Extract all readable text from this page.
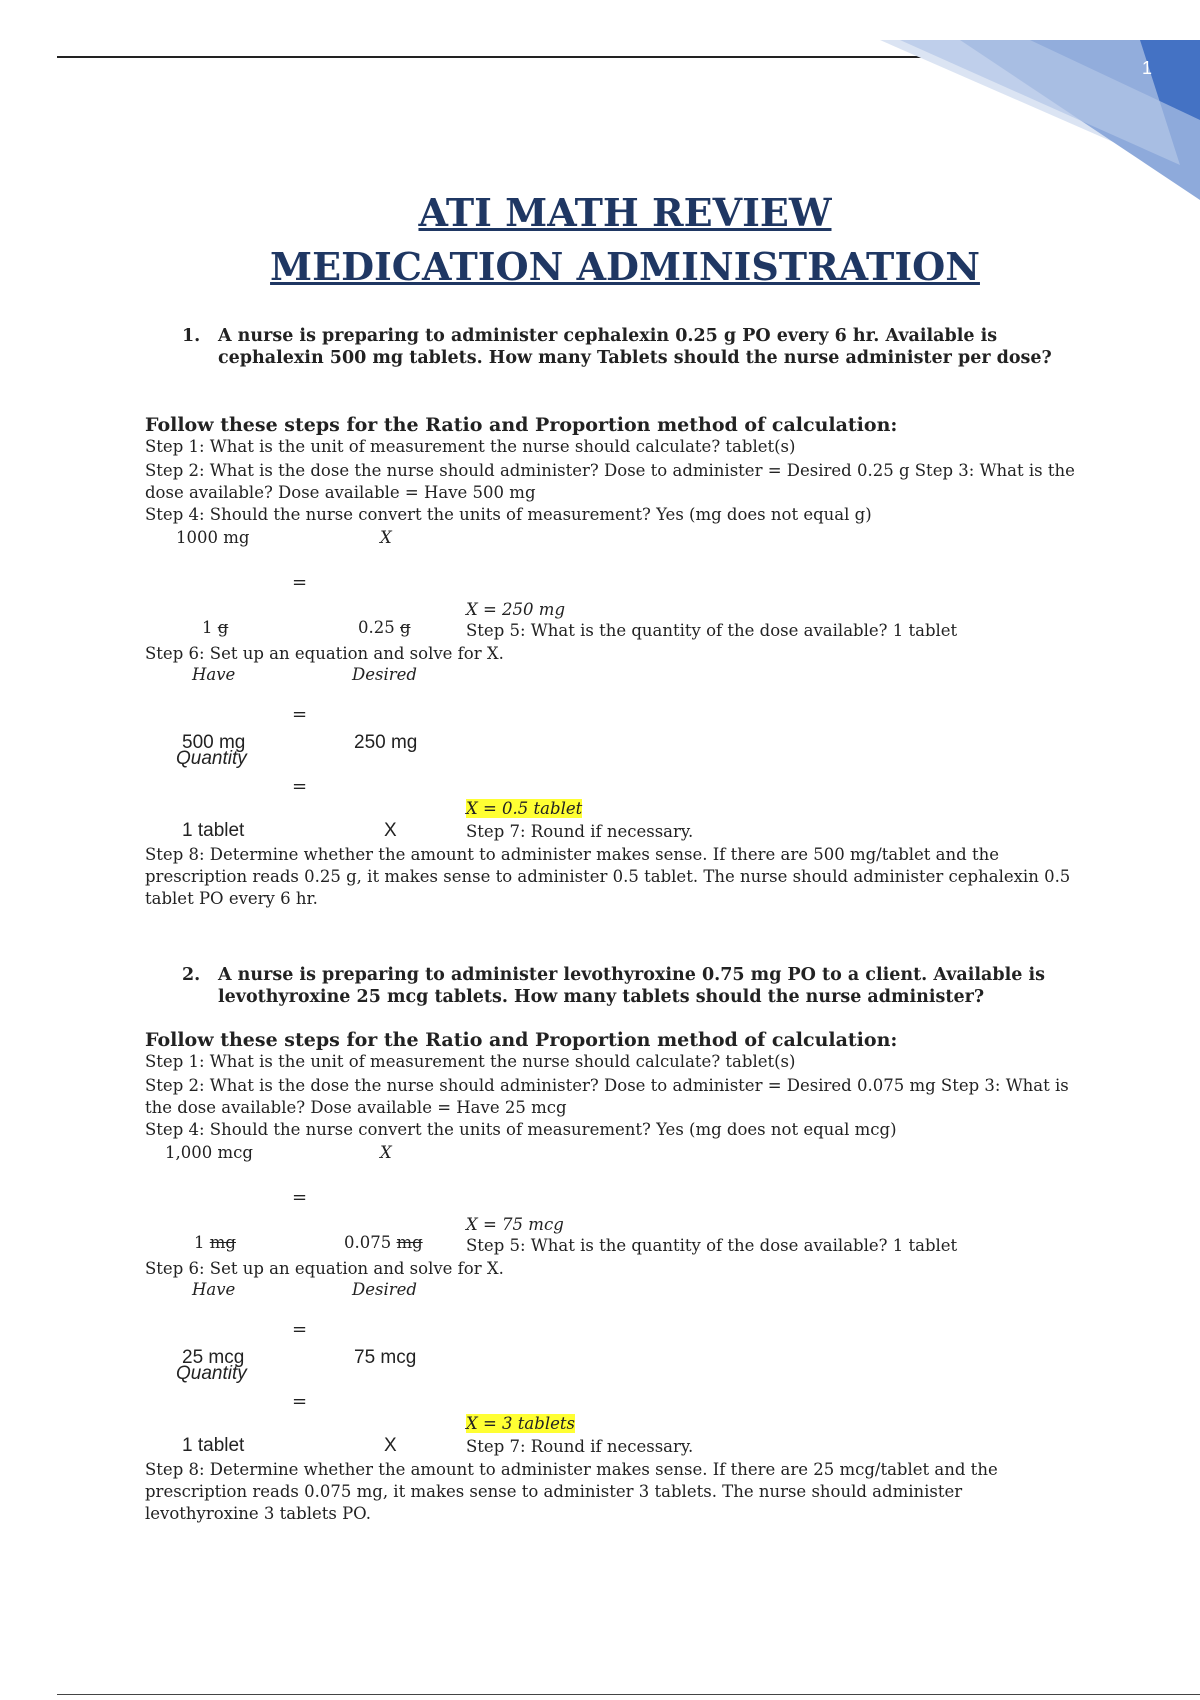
1
ATI MATH REVIEW
MEDICATION ADMINISTRATION
1. A nurse is preparing to administer cephalexin 0.25 g PO every 6 hr. Available is cephalexin 500 mg tablets. How many Tablets should the nurse administer per dose?
Follow these steps for the Ratio and Proportion method of calculation:
Step 1: What is the unit of measurement the nurse should calculate? tablet(s)
Step 2: What is the dose the nurse should administer? Dose to administer = Desired 0.25 g Step 3: What is the dose available? Dose available = Have 500 mg
Step 4: Should the nurse convert the units of measurement? Yes (mg does not equal g)
1000 mg	X
=
X = 250 mg
1 g	0.25 g	Step 5: What is the quantity of the dose available? 1 tablet
Step 6: Set up an equation and solve for X.
Have	Desired
=
500 mg	250 mg
Quantity
=
X = 0.5 tablet
1 tablet	X	Step 7: Round if necessary.
Step 8: Determine whether the amount to administer makes sense. If there are 500 mg/tablet and the prescription reads 0.25 g, it makes sense to administer 0.5 tablet. The nurse should administer cephalexin 0.5 tablet PO every 6 hr.
2. A nurse is preparing to administer levothyroxine 0.75 mg PO to a client. Available is levothyroxine 25 mcg tablets. How many tablets should the nurse administer?
Follow these steps for the Ratio and Proportion method of calculation:
Step 1: What is the unit of measurement the nurse should calculate? tablet(s)
Step 2: What is the dose the nurse should administer? Dose to administer = Desired 0.075 mg Step 3: What is the dose available? Dose available = Have 25 mcg
Step 4: Should the nurse convert the units of measurement? Yes (mg does not equal mcg)
1,000 mcg	X
=
X = 75 mcg
1 mg	0.075 mg	Step 5: What is the quantity of the dose available? 1 tablet
Step 6: Set up an equation and solve for X.
Have	Desired
=
25 mcg	75 mcg
Quantity
=
X = 3 tablets
1 tablet	X	Step 7: Round if necessary.
Step 8: Determine whether the amount to administer makes sense. If there are 25 mcg/tablet and the prescription reads 0.075 mg, it makes sense to administer 3 tablets. The nurse should administer levothyroxine 3 tablets PO.
